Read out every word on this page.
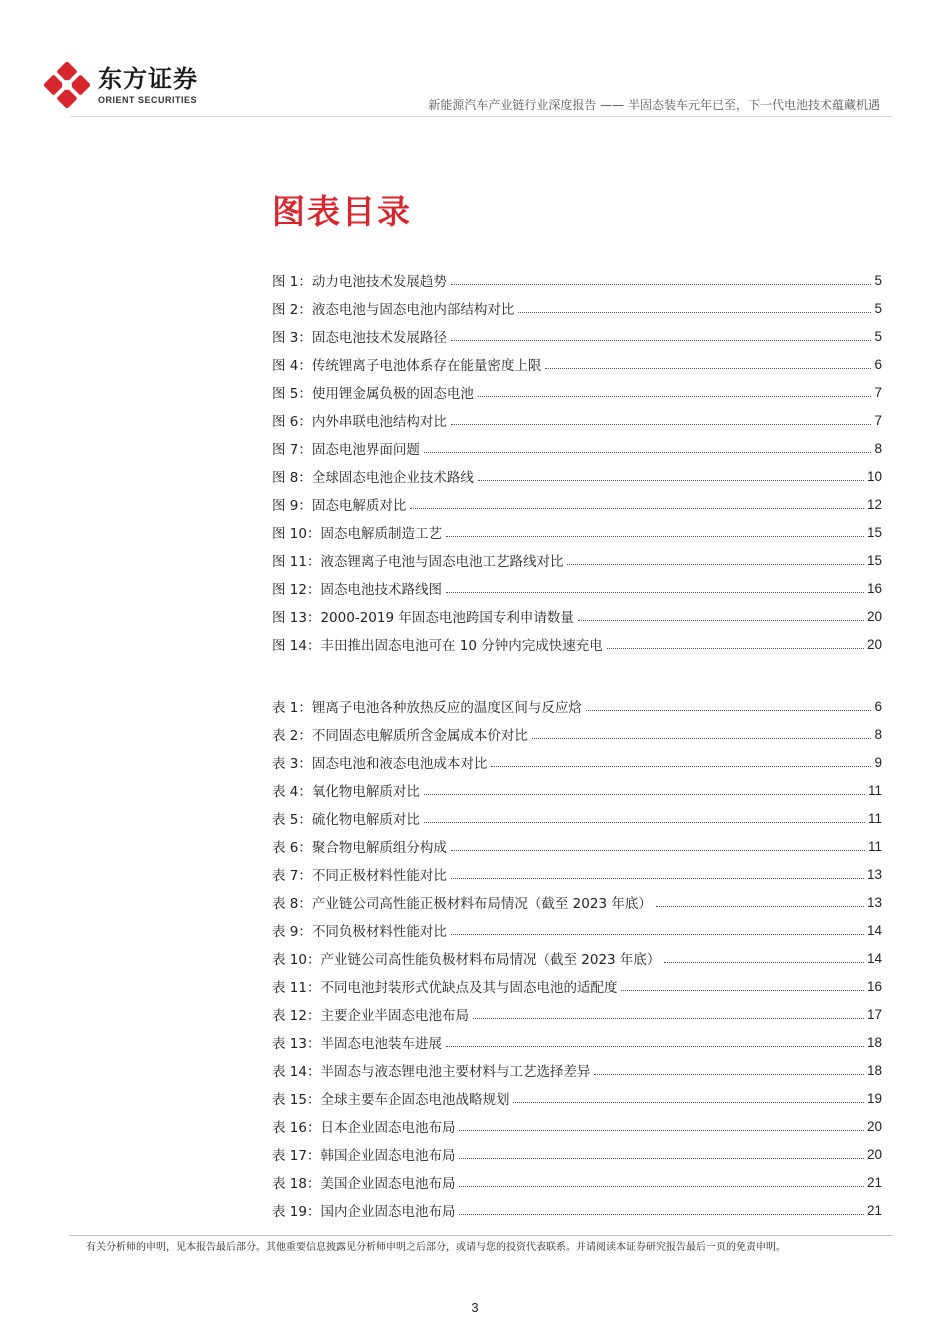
东方证券
ORIENT SECURITIES	新能源汽车产业链行业深度报告 —— 半固态装车元年已至，下一代电池技术蕴藏机遇
图表目录
图 1：动力电池技术发展趋势	5
图 2：液态电池与固态电池内部结构对比	5
图 3：固态电池技术发展路径	5
图 4：传统锂离子电池体系存在能量密度上限	6
图 5：使用锂金属负极的固态电池	7
图 6：内外串联电池结构对比	7
图 7：固态电池界面问题	8
图 8：全球固态电池企业技术路线	10
图 9：固态电解质对比	12
图 10：固态电解质制造工艺	15
图 11：液态锂离子电池与固态电池工艺路线对比	15
图 12：固态电池技术路线图	16
图 13：2000-2019 年固态电池跨国专利申请数量	20
图 14：丰田推出固态电池可在 10 分钟内完成快速充电	20
表 1：锂离子电池各种放热反应的温度区间与反应焓	6
表 2：不同固态电解质所含金属成本价对比	8
表 3：固态电池和液态电池成本对比	9
表 4：氧化物电解质对比	11
表 5：硫化物电解质对比	11
表 6：聚合物电解质组分构成	11
表 7：不同正极材料性能对比	13
表 8：产业链公司高性能正极材料布局情况（截至 2023 年底）	13
表 9：不同负极材料性能对比	14
表 10：产业链公司高性能负极材料布局情况（截至 2023 年底）	14
表 11：不同电池封装形式优缺点及其与固态电池的适配度	16
表 12：主要企业半固态电池布局	17
表 13：半固态电池装车进展	18
表 14：半固态与液态锂电池主要材料与工艺选择差异	18
表 15：全球主要车企固态电池战略规划	19
表 16：日本企业固态电池布局	20
表 17：韩国企业固态电池布局	20
表 18：美国企业固态电池布局	21
表 19：国内企业固态电池布局	21
有关分析师的申明，见本报告最后部分。其他重要信息披露见分析师申明之后部分，或请与您的投资代表联系。并请阅读本证券研究报告最后一页的免责申明。
3
